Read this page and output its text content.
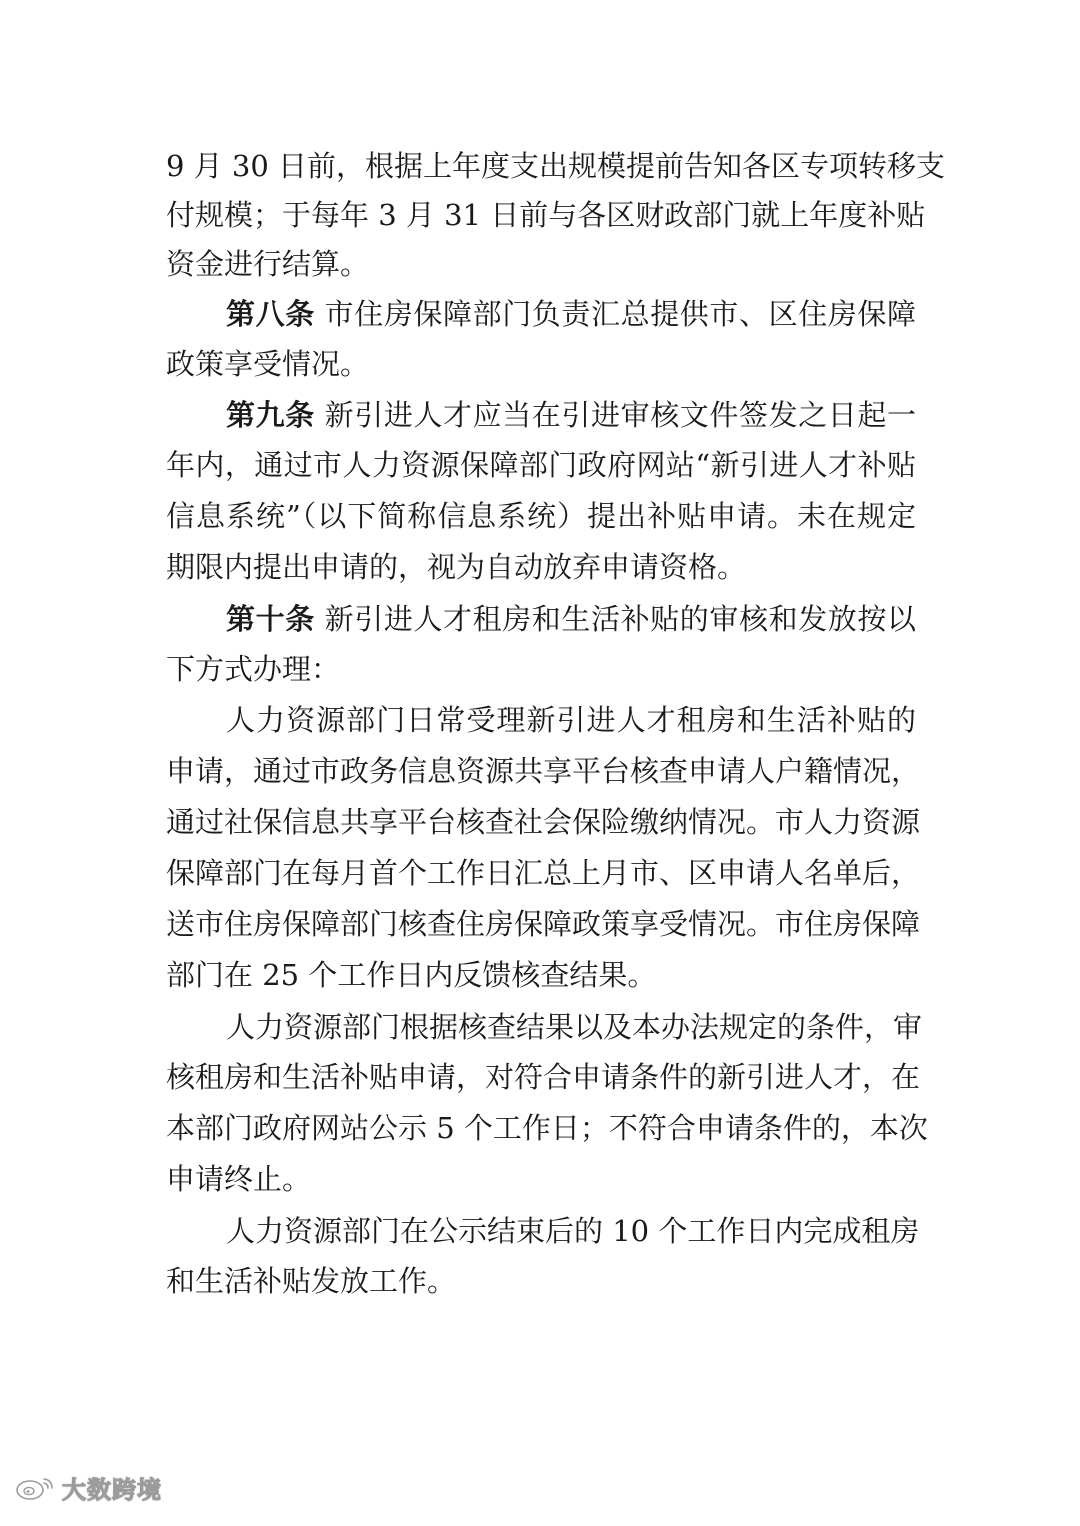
9 月 30 日前，根据上年度支出规模提前告知各区专项转移支
付规模；于每年 3 月 31 日前与各区财政部门就上年度补贴
资金进行结算。
第八条 市住房保障部门负责汇总提供市、区住房保障
政策享受情况。
第九条 新引进人才应当在引进审核文件签发之日起一
年内，通过市人力资源保障部门政府网站“新引进人才补贴
信息系统”（以下简称信息系统）提出补贴申请。未在规定
期限内提出申请的，视为自动放弃申请资格。
第十条 新引进人才租房和生活补贴的审核和发放按以
下方式办理：
人力资源部门日常受理新引进人才租房和生活补贴的
申请，通过市政务信息资源共享平台核查申请人户籍情况，
通过社保信息共享平台核查社会保险缴纳情况。市人力资源
保障部门在每月首个工作日汇总上月市、区申请人名单后，
送市住房保障部门核查住房保障政策享受情况。市住房保障
部门在 25 个工作日内反馈核查结果。
人力资源部门根据核查结果以及本办法规定的条件，审
核租房和生活补贴申请，对符合申请条件的新引进人才，在
本部门政府网站公示 5 个工作日；不符合申请条件的，本次
申请终止。
人力资源部门在公示结束后的 10 个工作日内完成租房
和生活补贴发放工作。
大数跨境
